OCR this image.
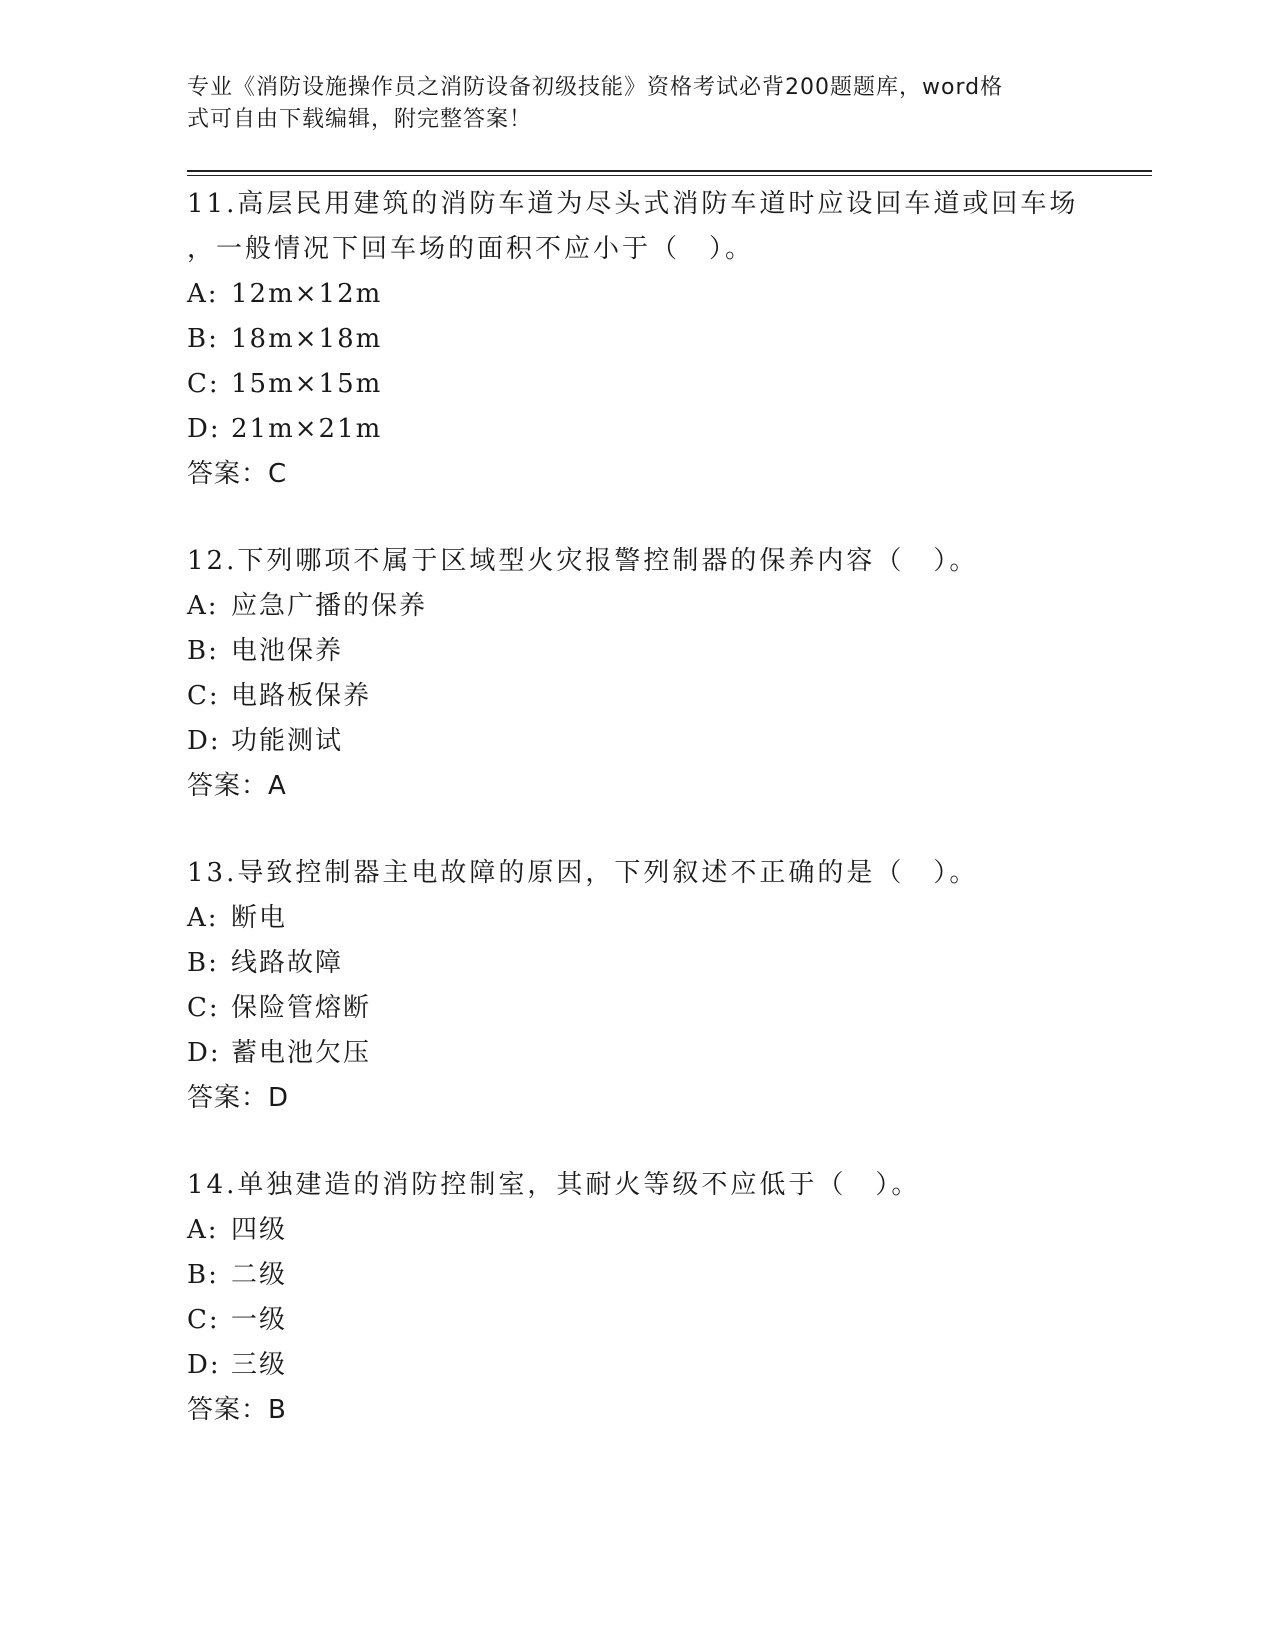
专业《消防设施操作员之消防设备初级技能》资格考试必背200题题库，word格
式可自由下载编辑，附完整答案！

11.高层民用建筑的消防车道为尽头式消防车道时应设回车道或回车场

，一般情况下回车场的面积不应小于（　）。

A: 12m×12m

B: 18m×18m

C: 15m×15m

D: 21m×21m

答案：C

12.下列哪项不属于区域型火灾报警控制器的保养内容（　）。

A: 应急广播的保养

B: 电池保养

C: 电路板保养

D: 功能测试

答案：A

13.导致控制器主电故障的原因，下列叙述不正确的是（　）。

A: 断电

B: 线路故障

C: 保险管熔断

D: 蓄电池欠压

答案：D

14.单独建造的消防控制室，其耐火等级不应低于（　）。

A: 四级

B: 二级

C: 一级

D: 三级

答案：B
